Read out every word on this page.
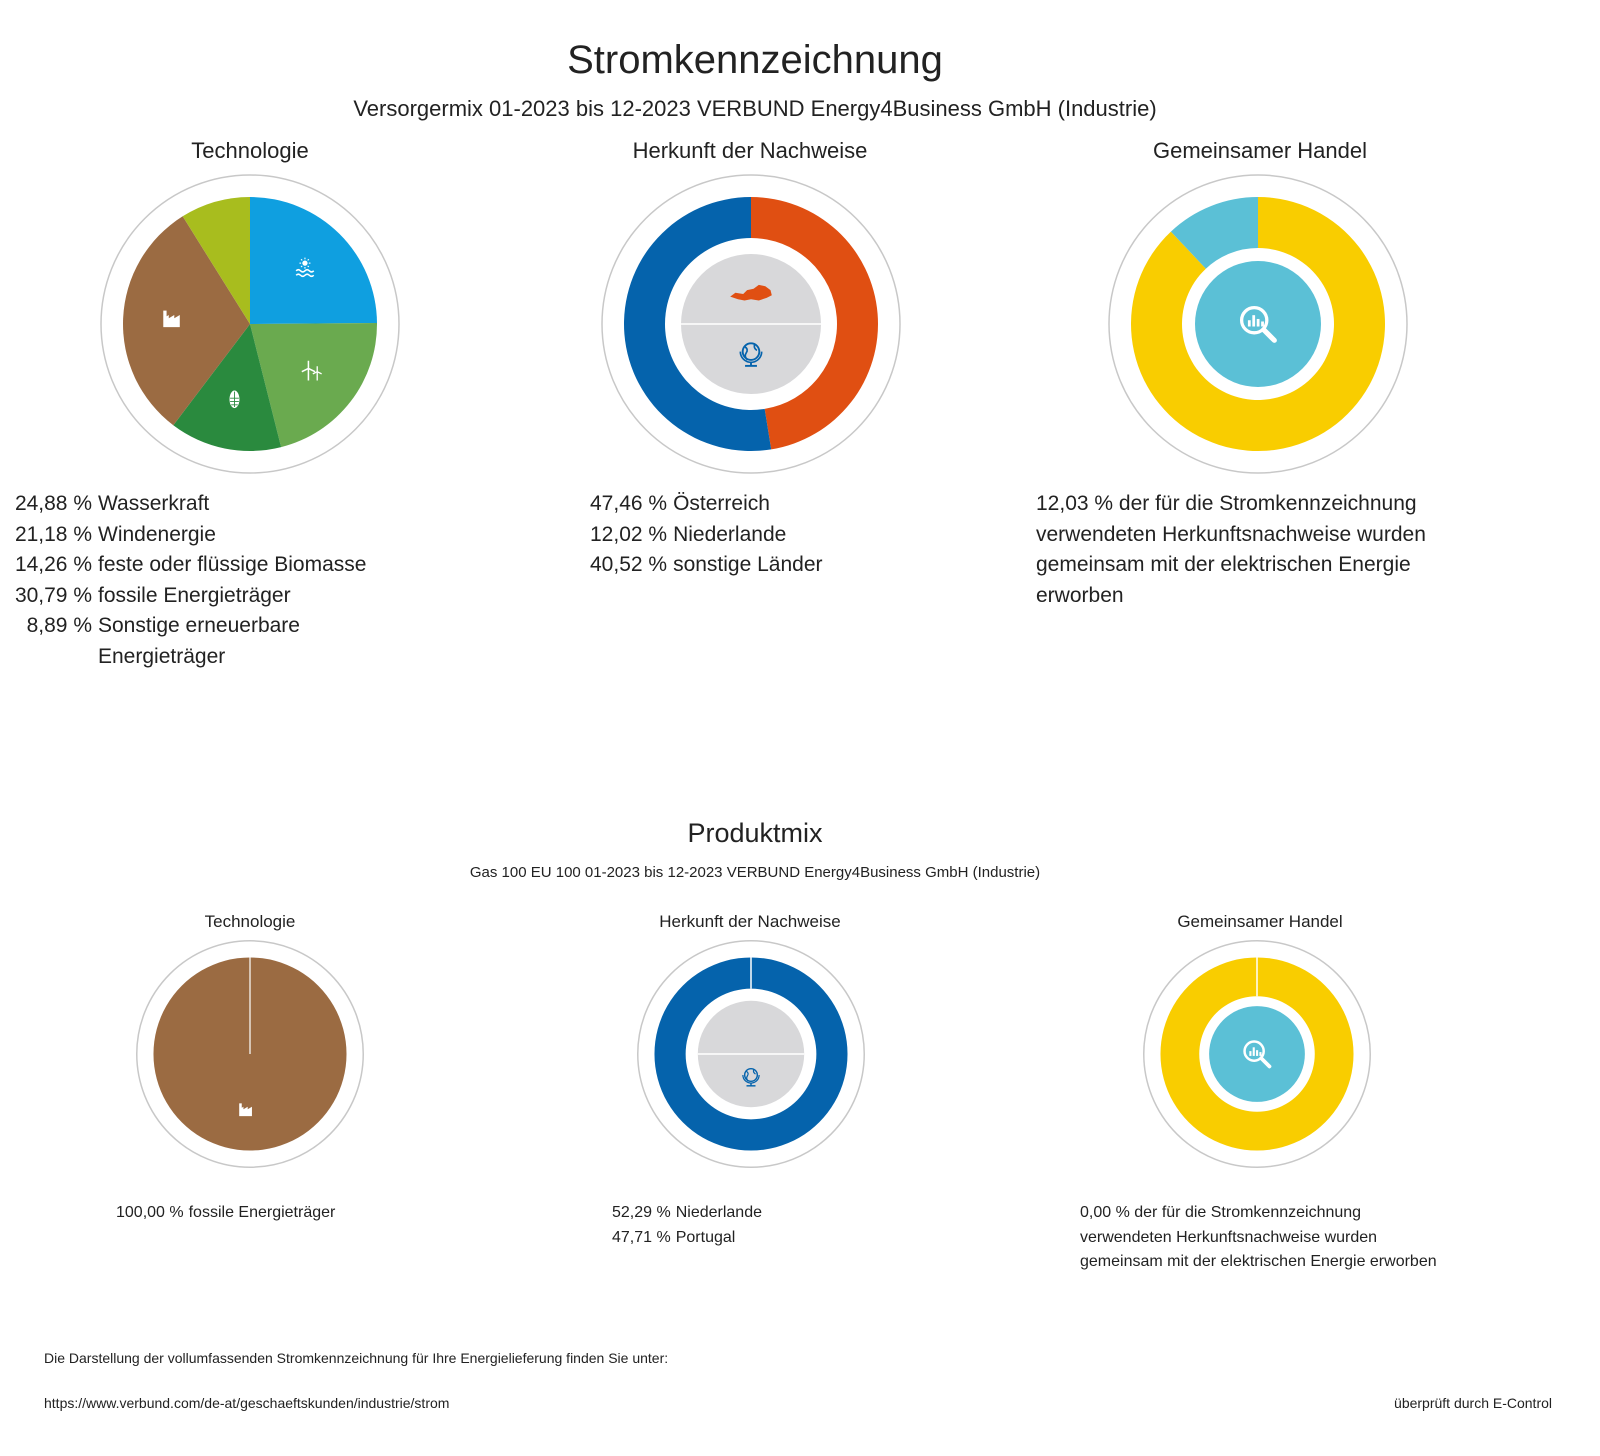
Stromkennzeichnung
Versorgermix 01-2023 bis 12-2023 VERBUND Energy4Business GmbH (Industrie)
Technologie	Herkunft der Nachweise	Gemeinsamer Handel
24,88 % Wasserkraft
21,18 % Windenergie
14,26 % feste oder flüssige Biomasse
30,79 % fossile Energieträger
8,89 % Sonstige erneuerbare
Energieträger
47,46 % Österreich
12,02 % Niederlande
40,52 % sonstige Länder
12,03 % der für die Stromkennzeichnung verwendeten Herkunftsnachweise wurden gemeinsam mit der elektrischen Energie erworben
Produktmix
Gas 100 EU 100 01-2023 bis 12-2023 VERBUND Energy4Business GmbH (Industrie)
Technologie	Herkunft der Nachweise	Gemeinsamer Handel
100,00 % fossile Energieträger	52,29 % Niederlande
47,71 % Portugal
0,00 % der für die Stromkennzeichnung verwendeten Herkunftsnachweise wurden gemeinsam mit der elektrischen Energie erworben
Die Darstellung der vollumfassenden Stromkennzeichnung für Ihre Energielieferung finden Sie unter:
https://www.verbund.com/de-at/geschaeftskunden/industrie/strom	überprüft durch E-Control
